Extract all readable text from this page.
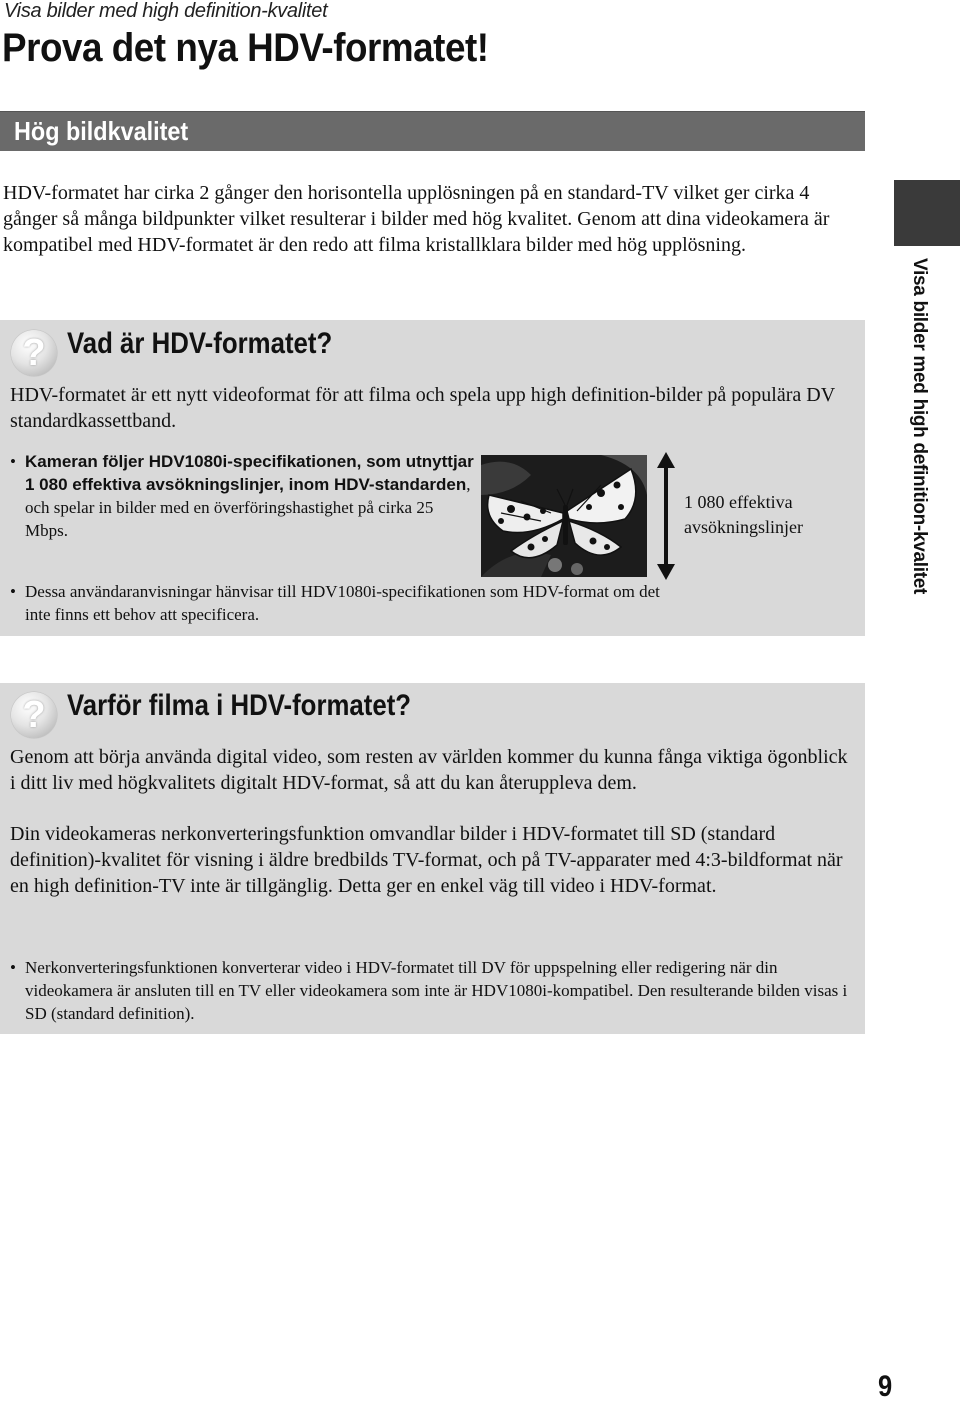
Visa bilder med high definition-kvalitet
Prova det nya HDV-formatet!
Hög bildkvalitet

HDV-formatet har cirka 2 gånger den horisontella upplösningen på en standard-TV vilket ger cirka 4 gånger så många bildpunkter vilket resulterar i bilder med hög kvalitet. Genom att dina videokamera är kompatibel med HDV-formatet är den redo att filma kristallklara bilder med hög upplösning.

? Vad är HDV-formatet?

HDV-formatet är ett nytt videoformat för att filma och spela upp high definition-bilder på populära DV standardkassettband.

• Kameran följer HDV1080i-specifikationen, som utnyttjar 1 080 effektiva avsökningslinjer, inom HDV-standarden, och spelar in bilder med en överföringshastighet på cirka 25 Mbps.

1 080 effektiva avsökningslinjer

• Dessa användaranvisningar hänvisar till HDV1080i-specifikationen som HDV-format om det inte finns ett behov att specificera.

? Varför filma i HDV-formatet?

Genom att börja använda digital video, som resten av världen kommer du kunna fånga viktiga ögonblick i ditt liv med högkvalitets digitalt HDV-format, så att du kan återuppleva dem.

Din videokameras nerkonverteringsfunktion omvandlar bilder i HDV-formatet till SD (standard definition)-kvalitet för visning i äldre bredbilds TV-format, och på TV-apparater med 4:3-bildformat när en high definition-TV inte är tillgänglig. Detta ger en enkel väg till video i HDV-format.

• Nerkonverteringsfunktionen konverterar video i HDV-formatet till DV för uppspelning eller redigering när din videokamera är ansluten till en TV eller videokamera som inte är HDV1080i-kompatibel. Den resulterande bilden visas i SD (standard definition).

Visa bilder med high definition-kvalitet
9
